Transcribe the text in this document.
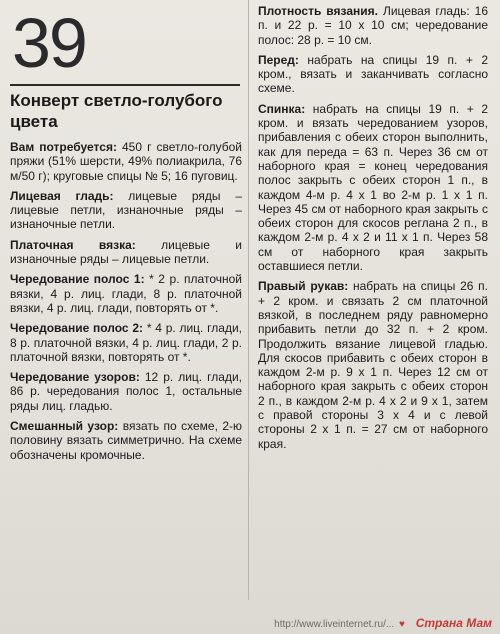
39
Конверт светло-голубого цвета

Вам потребуется: 450 г светло-голубой пряжи (51% шерсти, 49% полиакрила, 76 м/50 г); круговые спицы № 5; 16 пуговиц.

Лицевая гладь: лицевые ряды – лицевые петли, изнаночные ряды – изнаночные петли.

Платочная вязка: лицевые и изнаночные ряды – лицевые петли.

Чередование полос 1: * 2 р. платочной вязки, 4 р. лиц. глади, 8 р. платочной вязки, 4 р. лиц. глади, повторять от *.

Чередование полос 2: * 4 р. лиц. глади, 8 р. платочной вязки, 4 р. лиц. глади, 2 р. платочной вязки, повторять от *.

Чередование узоров: 12 р. лиц. глади, 86 р. чередования полос 1, остальные ряды лиц. гладью.

Смешанный узор: вязать по схеме, 2-ю половину вязать симметрично. На схеме обозначены кромочные.

Плотность вязания. Лицевая гладь: 16 п. и 22 р. = 10 х 10 см; чередование полос: 28 р. = 10 см.

Перед: набрать на спицы 19 п. + 2 кром., вязать и заканчивать согласно схеме.

Спинка: набрать на спицы 19 п. + 2 кром. и вязать чередованием узоров, прибавления с обеих сторон выполнить, как для переда = 63 п. Через 36 см от наборного края = конец чередования полос закрыть с обеих сторон 1 п., в каждом 4-м р. 4 х 1 во 2-м р. 1 х 1 п. Через 45 см от наборного края закрыть с обеих сторон для скосов реглана 2 п., в каждом 2-м р. 4 х 2 и 11 х 1 п. Через 58 см от наборного края закрыть оставшиеся петли.

Правый рукав: набрать на спицы 26 п. + 2 кром. и связать 2 см платочной вязкой, в последнем ряду равномерно прибавить петли до 32 п. + 2 кром. Продолжить вязание лицевой гладью. Для скосов прибавить с обеих сторон в каждом 2-м р. 9 х 1 п. Через 12 см от наборного края закрыть с обеих сторон 2 п., в каждом 2-м р. 4 х 2 и 9 х 1, затем с правой стороны 3 х 4 и с левой стороны 2 х 1 п. = 27 см от наборного края.

http://www.liveinternet.ru/... ♥ Страна Мам
